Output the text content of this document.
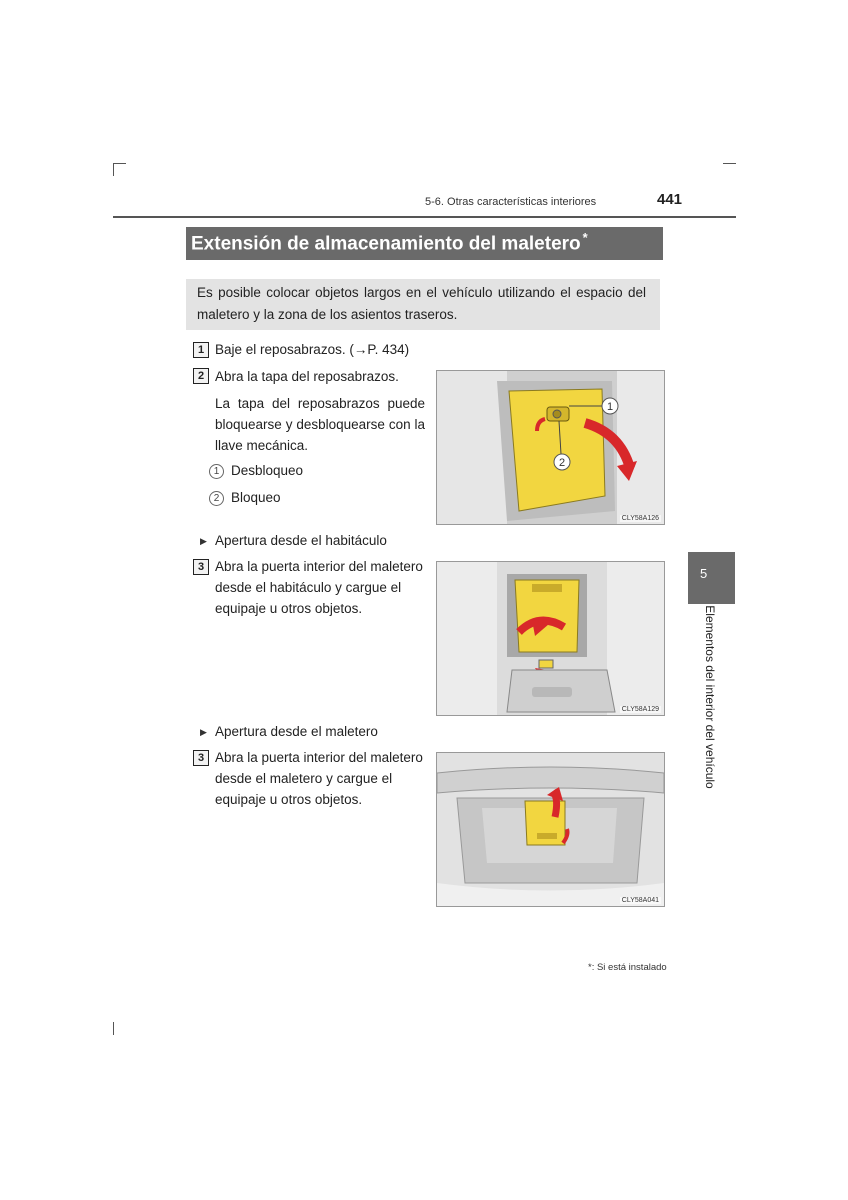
5-6. Otras características interiores	441
Extensión de almacenamiento del maletero *
Es posible colocar objetos largos en el vehículo utilizando el espacio del maletero y la zona de los asientos traseros.
1 Baje el reposabrazos. (→P. 434)
2 Abra la tapa del reposabrazos.
La tapa del reposabrazos puede bloquearse y desbloquearse con la llave mecánica.
1 Desbloqueo
2 Bloqueo
1
2
CLY58A126
▶ Apertura desde el habitáculo
3 Abra la puerta interior del maletero desde el habitáculo y cargue el equipaje u otros objetos.
CLY58A129
▶ Apertura desde el maletero
3 Abra la puerta interior del maletero desde el maletero y cargue el equipaje u otros objetos.
CLY58A041
5
Elementos del interior del vehículo
*: Si está instalado
